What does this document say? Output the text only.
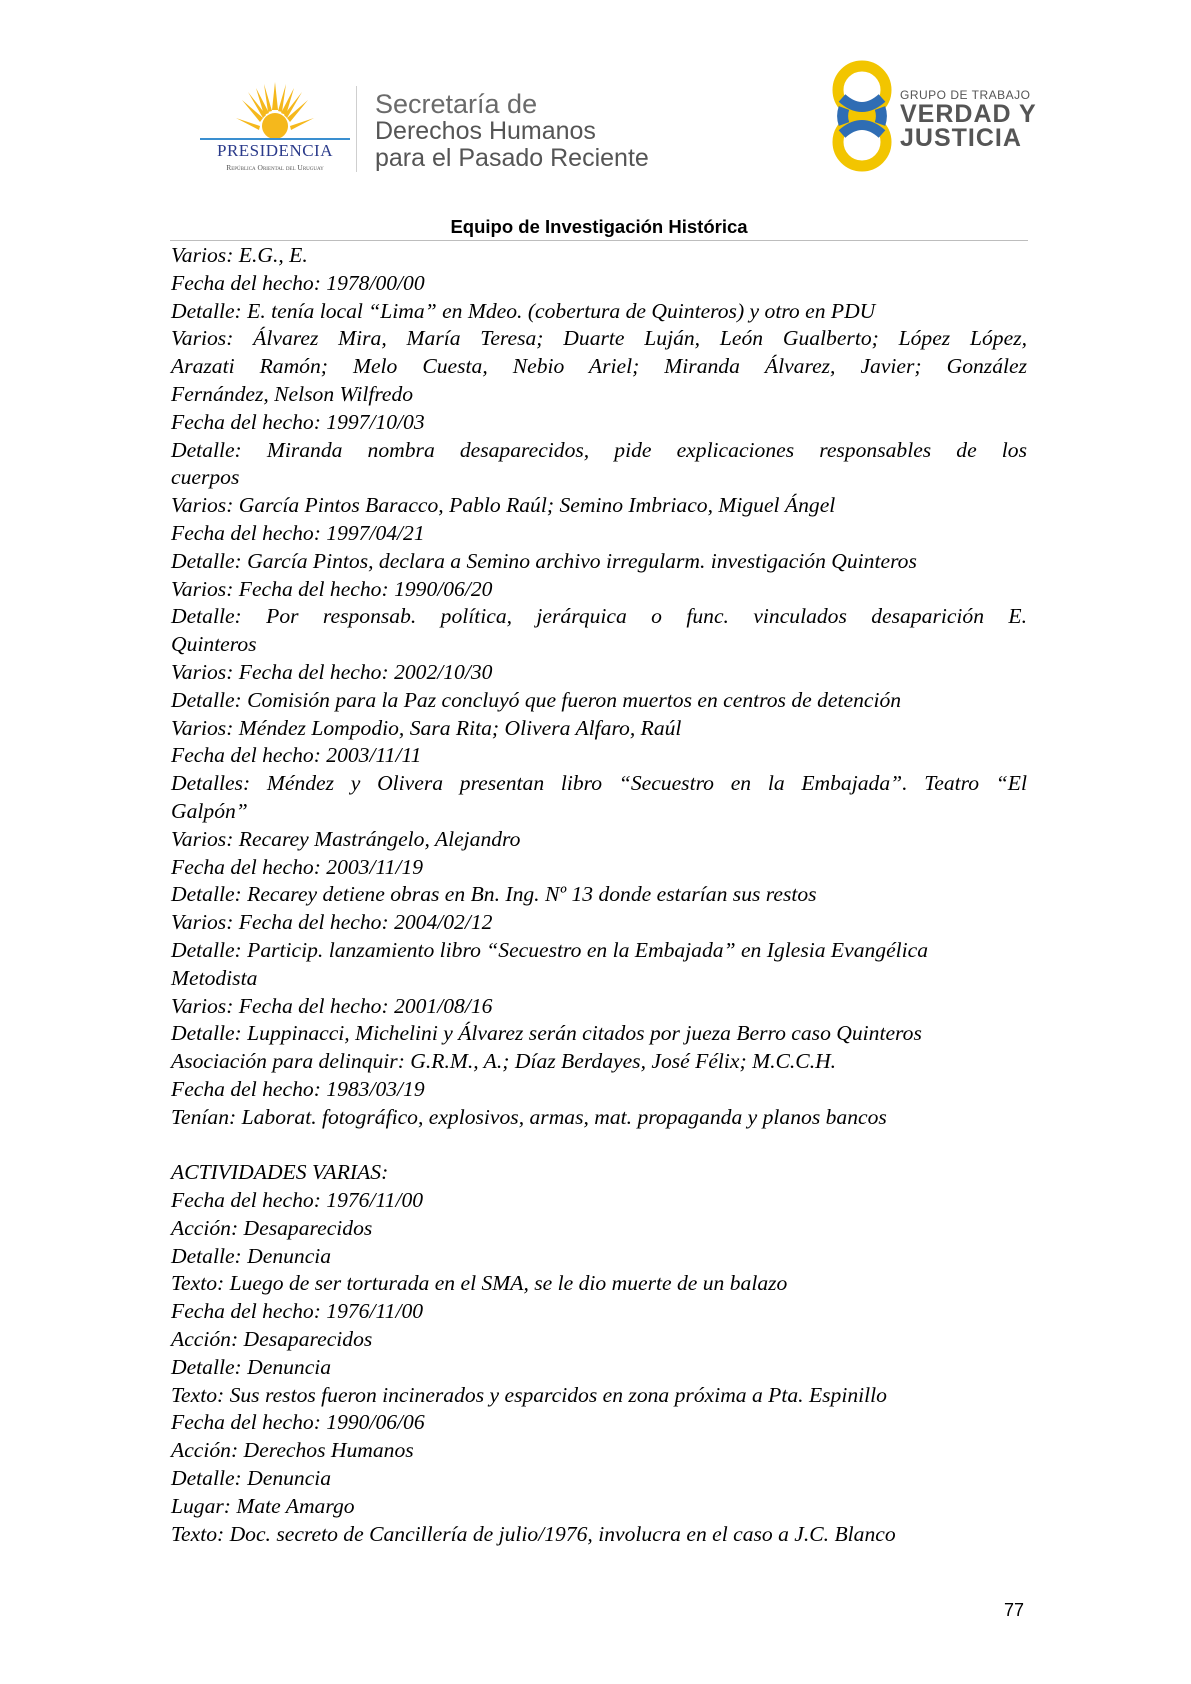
PRESIDENCIA
República Oriental del Uruguay
Secretaría de
Derechos Humanos
para el Pasado Reciente
GRUPO DE TRABAJO
VERDAD Y
JUSTICIA
Equipo de Investigación Histórica
Varios: E.G., E.
Fecha del hecho: 1978/00/00
Detalle: E. tenía local “Lima” en Mdeo. (cobertura de Quinteros) y otro en PDU
Varios: Álvarez Mira, María Teresa; Duarte Luján, León Gualberto; López López,
Arazati Ramón; Melo Cuesta, Nebio Ariel; Miranda Álvarez, Javier; González
Fernández, Nelson Wilfredo
Fecha del hecho: 1997/10/03
Detalle: Miranda nombra desaparecidos, pide explicaciones responsables de los
cuerpos
Varios: García Pintos Baracco, Pablo Raúl; Semino Imbriaco, Miguel Ángel
Fecha del hecho: 1997/04/21
Detalle: García Pintos, declara a Semino archivo irregularm. investigación Quinteros
Varios: Fecha del hecho: 1990/06/20
Detalle: Por responsab. política, jerárquica o func. vinculados desaparición E.
Quinteros
Varios: Fecha del hecho: 2002/10/30
Detalle: Comisión para la Paz concluyó que fueron muertos en centros de detención
Varios: Méndez Lompodio, Sara Rita; Olivera Alfaro, Raúl
Fecha del hecho: 2003/11/11
Detalles: Méndez y Olivera presentan libro “Secuestro en la Embajada”. Teatro “El
Galpón”
Varios: Recarey Mastrángelo, Alejandro
Fecha del hecho: 2003/11/19
Detalle: Recarey detiene obras en Bn. Ing. Nº 13 donde estarían sus restos
Varios: Fecha del hecho: 2004/02/12
Detalle: Particip. lanzamiento libro “Secuestro en la Embajada” en Iglesia Evangélica
Metodista
Varios: Fecha del hecho: 2001/08/16
Detalle: Luppinacci, Michelini y Álvarez serán citados por jueza Berro caso Quinteros
Asociación para delinquir: G.R.M., A.; Díaz Berdayes, José Félix; M.C.C.H.
Fecha del hecho: 1983/03/19
Tenían: Laborat. fotográfico, explosivos, armas, mat. propaganda y planos bancos
ACTIVIDADES VARIAS:
Fecha del hecho: 1976/11/00
Acción: Desaparecidos
Detalle: Denuncia
Texto: Luego de ser torturada en el SMA, se le dio muerte de un balazo
Fecha del hecho: 1976/11/00
Acción: Desaparecidos
Detalle: Denuncia
Texto: Sus restos fueron incinerados y esparcidos en zona próxima a Pta. Espinillo
Fecha del hecho: 1990/06/06
Acción: Derechos Humanos
Detalle: Denuncia
Lugar: Mate Amargo
Texto: Doc. secreto de Cancillería de julio/1976, involucra en el caso a J.C. Blanco
77
